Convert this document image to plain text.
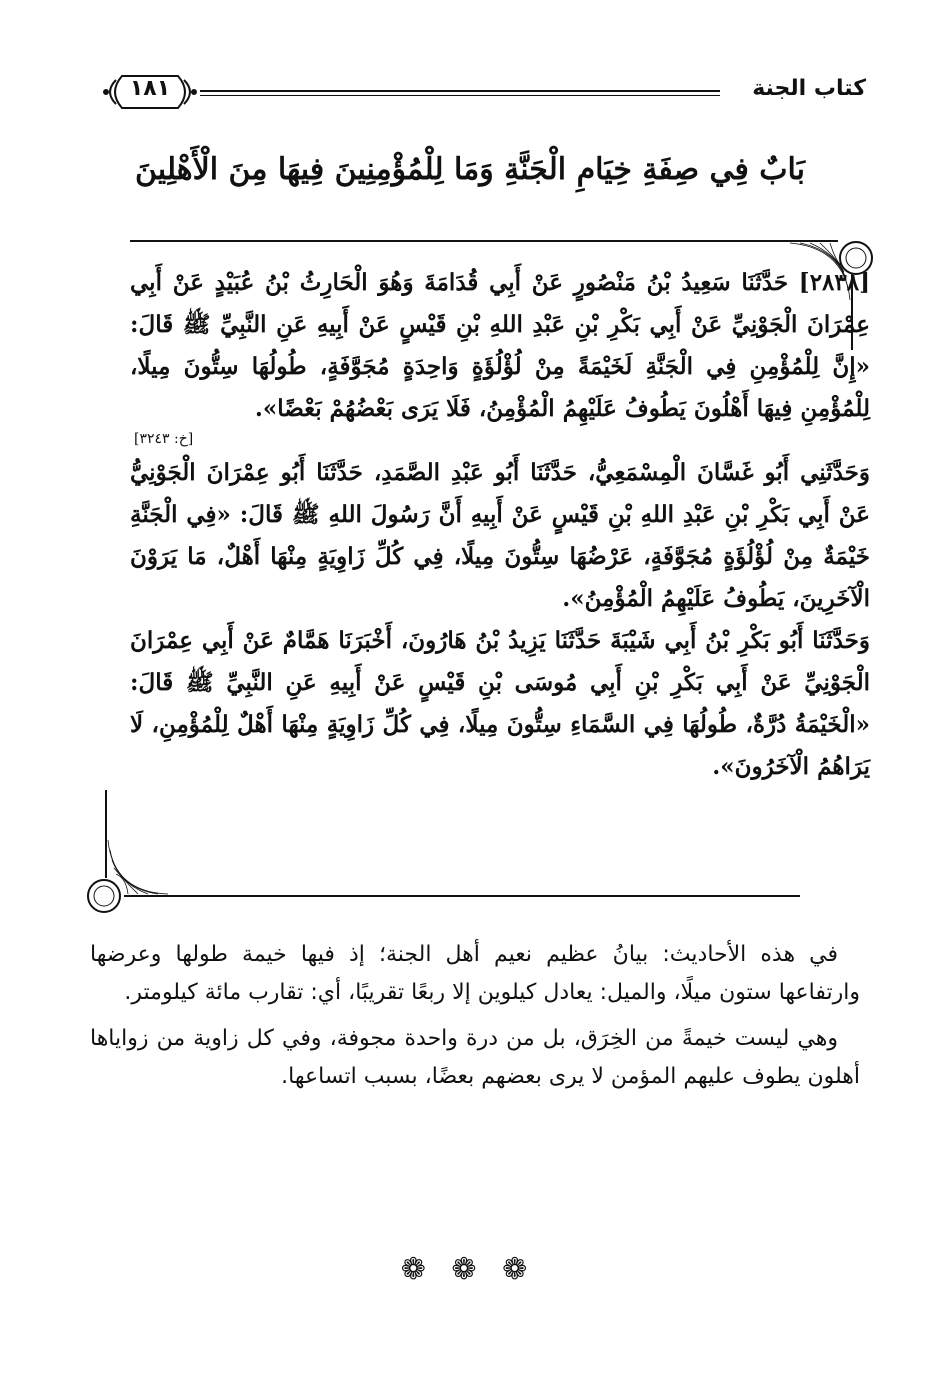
كتاب الجنة
١٨١
بَابٌ فِي صِفَةِ خِيَامِ الْجَنَّةِ وَمَا لِلْمُؤْمِنِينَ فِيهَا مِنَ الْأَهْلِينَ

[٢٨٣٨] حَدَّثَنَا سَعِيدُ بْنُ مَنْصُورٍ عَنْ أَبِي قُدَامَةَ وَهُوَ الْحَارِثُ بْنُ عُبَيْدٍ عَنْ أَبِي عِمْرَانَ الْجَوْنِيِّ عَنْ أَبِي بَكْرِ بْنِ عَبْدِ اللهِ بْنِ قَيْسٍ عَنْ أَبِيهِ عَنِ النَّبِيِّ ﷺ قَالَ: «إِنَّ لِلْمُؤْمِنِ فِي الْجَنَّةِ لَخَيْمَةً مِنْ لُؤْلُؤَةٍ وَاحِدَةٍ مُجَوَّفَةٍ، طُولُهَا سِتُّونَ مِيلًا، لِلْمُؤْمِنِ فِيهَا أَهْلُونَ يَطُوفُ عَلَيْهِمُ الْمُؤْمِنُ، فَلَا يَرَى بَعْضُهُمْ بَعْضًا».

[خ: ٣٢٤٣]

وَحَدَّثَنِي أَبُو غَسَّانَ الْمِسْمَعِيُّ، حَدَّثَنَا أَبُو عَبْدِ الصَّمَدِ، حَدَّثَنَا أَبُو عِمْرَانَ الْجَوْنِيُّ عَنْ أَبِي بَكْرِ بْنِ عَبْدِ اللهِ بْنِ قَيْسٍ عَنْ أَبِيهِ أَنَّ رَسُولَ اللهِ ﷺ قَالَ: «فِي الْجَنَّةِ خَيْمَةٌ مِنْ لُؤْلُؤَةٍ مُجَوَّفَةٍ، عَرْضُهَا سِتُّونَ مِيلًا، فِي كُلِّ زَاوِيَةٍ مِنْهَا أَهْلٌ، مَا يَرَوْنَ الْآخَرِينَ، يَطُوفُ عَلَيْهِمُ الْمُؤْمِنُ».

وَحَدَّثَنَا أَبُو بَكْرِ بْنُ أَبِي شَيْبَةَ حَدَّثَنَا يَزِيدُ بْنُ هَارُونَ، أَخْبَرَنَا هَمَّامٌ عَنْ أَبِي عِمْرَانَ الْجَوْنِيِّ عَنْ أَبِي بَكْرِ بْنِ أَبِي مُوسَى بْنِ قَيْسٍ عَنْ أَبِيهِ عَنِ النَّبِيِّ ﷺ قَالَ: «الْخَيْمَةُ دُرَّةٌ، طُولُهَا فِي السَّمَاءِ سِتُّونَ مِيلًا، فِي كُلِّ زَاوِيَةٍ مِنْهَا أَهْلٌ لِلْمُؤْمِنِ، لَا يَرَاهُمُ الْآخَرُونَ».

في هذه الأحاديث: بيانُ عظيم نعيم أهل الجنة؛ إذ فيها خيمة طولها وعرضها وارتفاعها ستون ميلًا، والميل: يعادل كيلوين إلا ربعًا تقريبًا، أي: تقارب مائة كيلومتر.

وهي ليست خيمةً من الخِرَق، بل من درة واحدة مجوفة، وفي كل زاوية من زواياها أهلون يطوف عليهم المؤمن لا يرى بعضهم بعضًا، بسبب اتساعها.

❁ ❁ ❁
